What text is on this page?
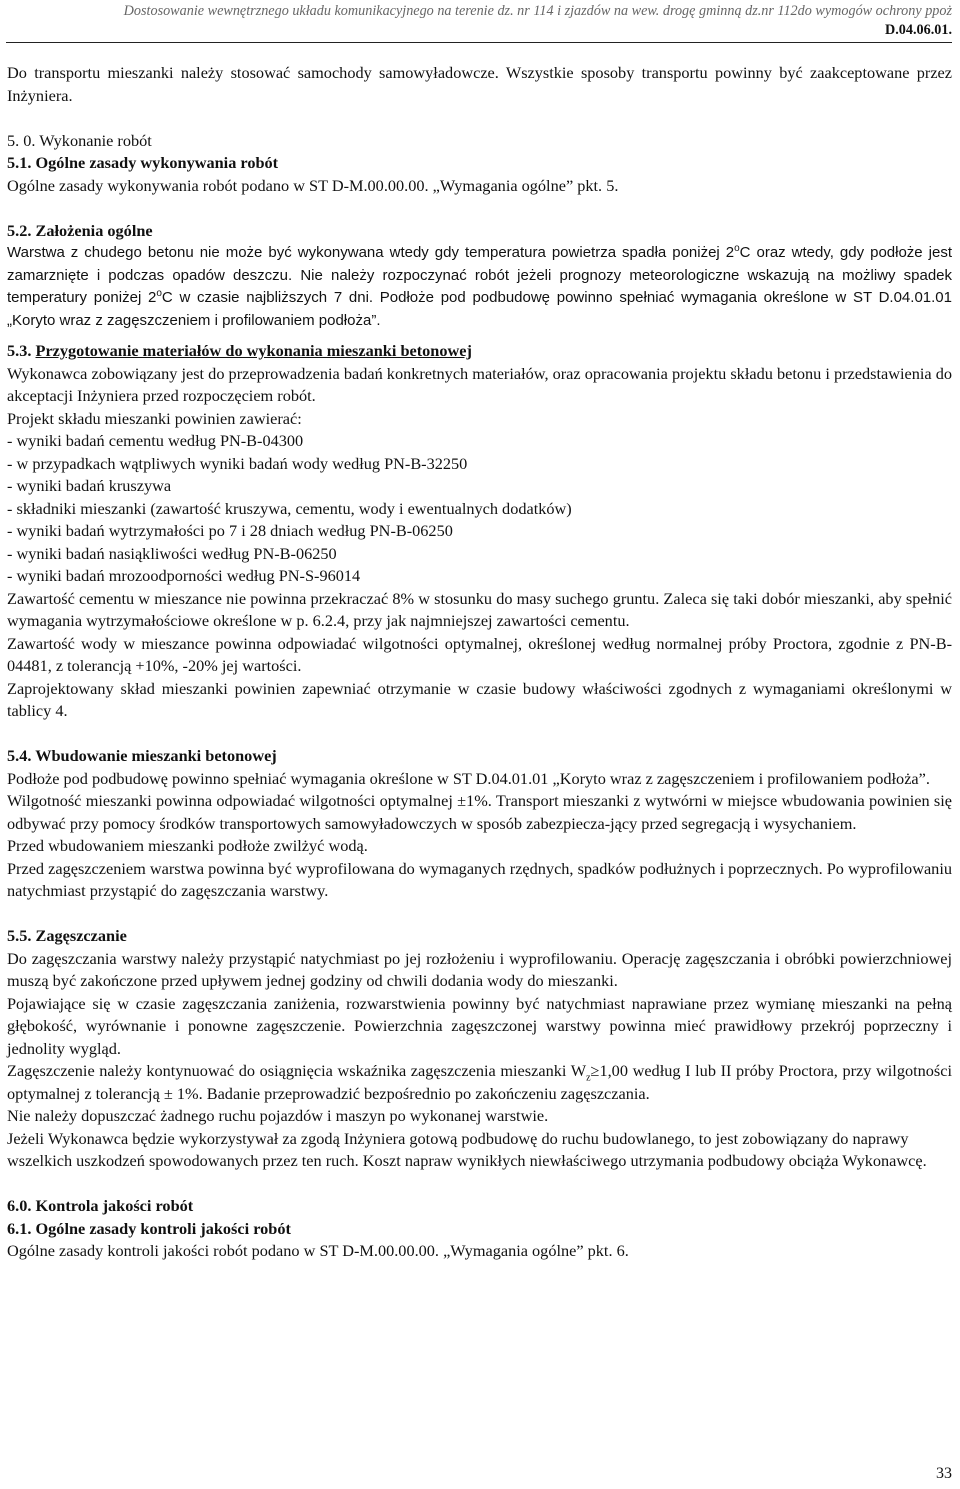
Dostosowanie wewnętrznego układu komunikacyjnego na terenie dz. nr 114 i zjazdów na wew. drogę gminną dz.nr 112do wymogów ochrony ppoż
D.04.06.01.

Do transportu mieszanki należy stosować samochody samowyładowcze. Wszystkie sposoby transportu powinny być zaakceptowane przez Inżyniera.

5. 0. Wykonanie robót

5.1. Ogólne zasady wykonywania robót

Ogólne zasady wykonywania robót podano w ST D-M.00.00.00. „Wymagania ogólne” pkt. 5.

5.2. Założenia ogólne

Warstwa z chudego betonu nie może być wykonywana wtedy gdy temperatura powietrza spadła poniżej 2$^o$C oraz wtedy, gdy podłoże jest zamarznięte i podczas opadów deszczu. Nie należy rozpoczynać robót jeżeli prognozy meteorologiczne wskazują na możliwy spadek temperatury poniżej 2$^o$C w czasie najbliższych 7 dni. Podłoże pod podbudowę powinno spełniać wymagania określone w ST D.04.01.01 „Koryto wraz z zagęszczeniem i profilowaniem podłoża”.

5.3. Przygotowanie materiałów do wykonania mieszanki betonowej

Wykonawca zobowiązany jest do przeprowadzenia badań konkretnych materiałów, oraz opracowania projektu składu betonu i przedstawienia do akceptacji Inżyniera przed rozpoczęciem robót.

Projekt składu mieszanki powinien zawierać:

- wyniki badań cementu według PN-B-04300

- w przypadkach wątpliwych wyniki badań wody według PN-B-32250

- wyniki badań kruszywa

- składniki mieszanki (zawartość kruszywa, cementu, wody i ewentualnych dodatków)

- wyniki badań wytrzymałości po 7 i 28 dniach według PN-B-06250

- wyniki badań nasiąkliwości według PN-B-06250

- wyniki badań mrozoodporności według PN-S-96014

Zawartość cementu w mieszance nie powinna przekraczać 8% w stosunku do masy suchego gruntu. Zaleca się taki dobór mieszanki, aby spełnić wymagania wytrzymałościowe określone w p. 6.2.4, przy jak najmniejszej zawartości cementu.

Zawartość wody w mieszance powinna odpowiadać wilgotności optymalnej, określonej według normalnej próby Proctora, zgodnie z PN-B-04481, z tolerancją +10%, -20% jej wartości.

Zaprojektowany skład mieszanki powinien zapewniać otrzymanie w czasie budowy właściwości zgodnych z wymaganiami określonymi w tablicy 4.

5.4. Wbudowanie mieszanki betonowej

Podłoże pod podbudowę powinno spełniać wymagania określone w ST D.04.01.01 „Koryto wraz z zagęszczeniem i profilowaniem podłoża”.

Wilgotność mieszanki powinna odpowiadać wilgotności optymalnej ±1%. Transport mieszanki z wytwórni w miejsce wbudowania powinien się odbywać przy pomocy środków transportowych samowyładowczych w sposób zabezpiecza-jący przed segregacją i wysychaniem.

Przed wbudowaniem mieszanki podłoże zwilżyć wodą.

Przed zagęszczeniem warstwa powinna być wyprofilowana do wymaganych rzędnych, spadków podłużnych i poprzecznych. Po wyprofilowaniu natychmiast przystąpić do zagęszczania warstwy.

5.5. Zagęszczanie

Do zagęszczania warstwy należy przystąpić natychmiast po jej rozłożeniu i wyprofilowaniu. Operację zagęszczania i obróbki powierzchniowej muszą być zakończone przed upływem jednej godziny od chwili dodania wody do mieszanki.

Pojawiające się w czasie zagęszczania zaniżenia, rozwarstwienia powinny być natychmiast naprawiane przez wymianę mieszanki na pełną głębokość, wyrównanie i ponowne zagęszczenie. Powierzchnia zagęszczonej warstwy powinna mieć prawidłowy przekrój poprzeczny i jednolity wygląd.

Zagęszczenie należy kontynuować do osiągnięcia wskaźnika zagęszczenia mieszanki $W_z\ge 1,00$ według I lub II próby Proctora, przy wilgotności optymalnej z tolerancją ± 1%. Badanie przeprowadzić bezpośrednio po zakończeniu zagęszczania.

Nie należy dopuszczać żadnego ruchu pojazdów i maszyn po wykonanej warstwie.

Jeżeli Wykonawca będzie wykorzystywał za zgodą Inżyniera gotową podbudowę do ruchu budowlanego, to jest zobowiązany do naprawy wszelkich uszkodzeń spowodowanych przez ten ruch. Koszt napraw wynikłych niewłaściwego utrzymania podbudowy obciąża Wykonawcę.

6.0. Kontrola jakości robót

6.1. Ogólne zasady kontroli jakości robót

Ogólne zasady kontroli jakości robót podano w ST D-M.00.00.00. „Wymagania ogólne” pkt. 6.

33
